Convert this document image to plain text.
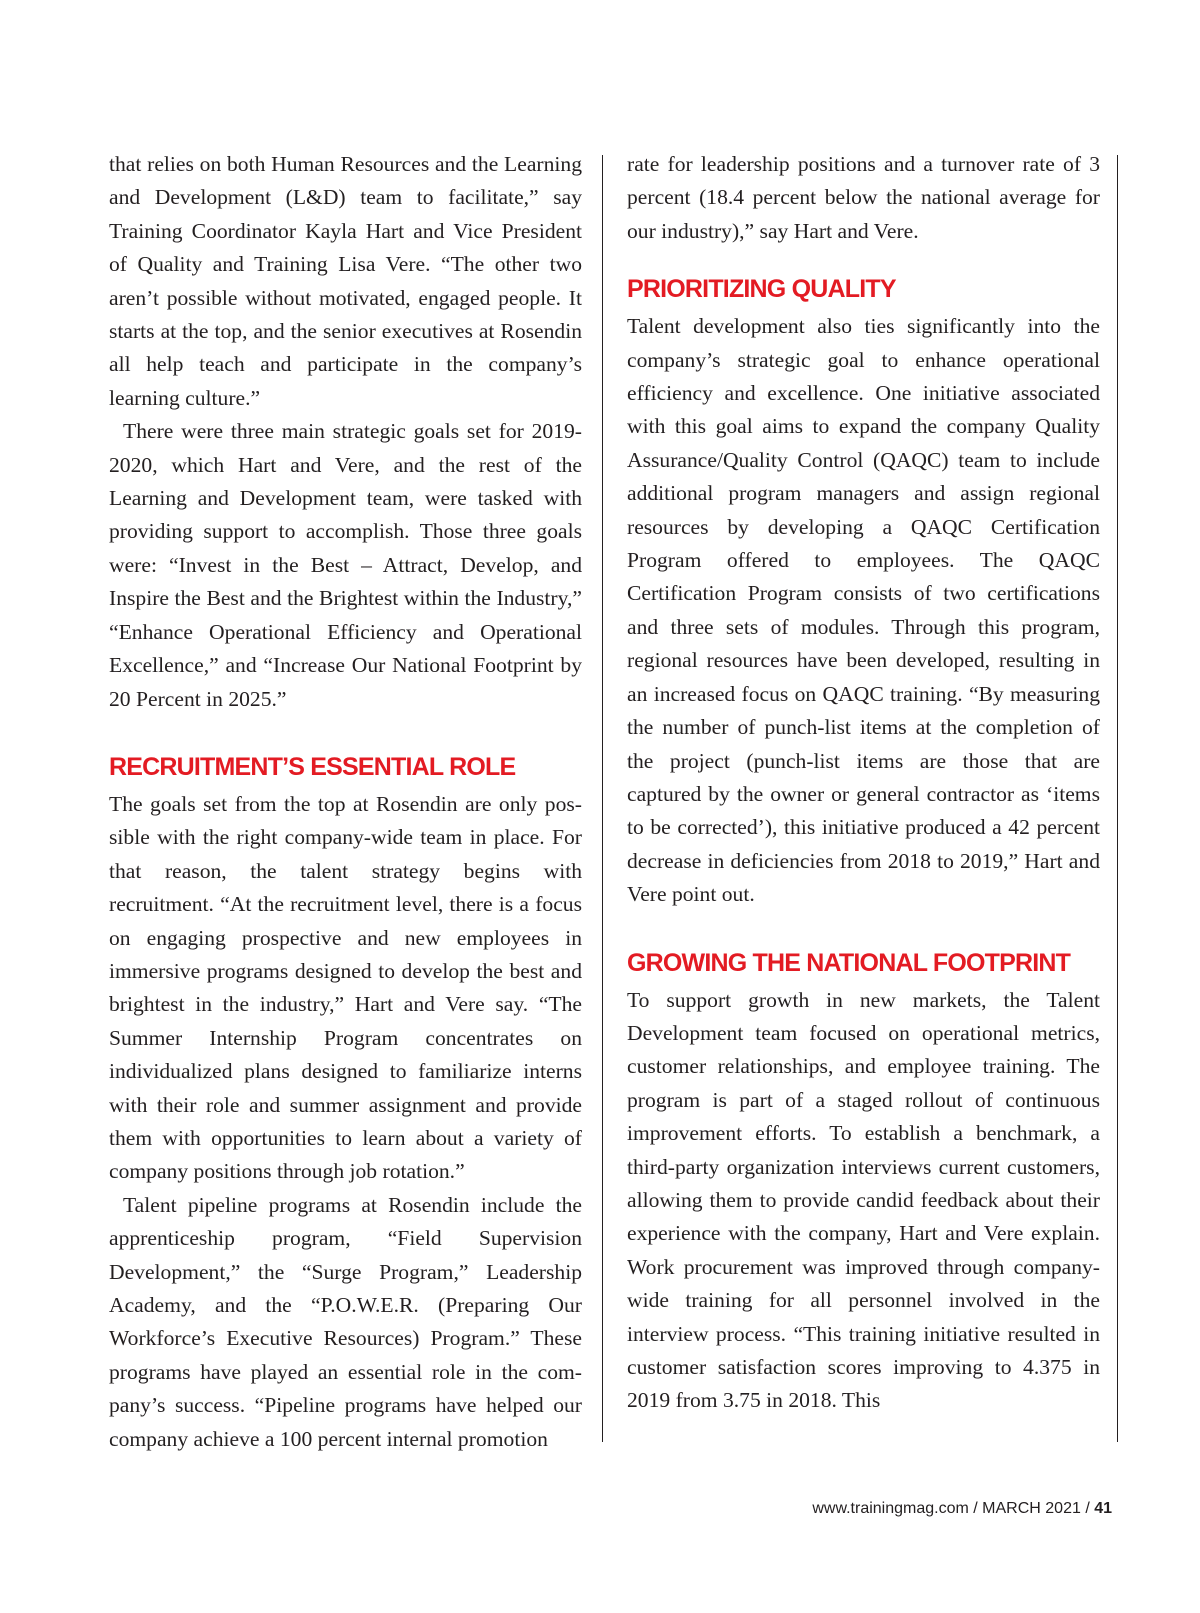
that relies on both Human Resources and the Learning and Development (L&D) team to facilitate,” say Training Coordinator Kayla Hart and Vice President of Quality and Training Lisa Vere. “The other two aren’t possible without motivated, engaged people. It starts at the top, and the senior executives at Rosendin all help teach and participate in the company’s learning culture.”

There were three main strategic goals set for 2019-2020, which Hart and Vere, and the rest of the Learning and Development team, were tasked with providing support to accomplish. Those three goals were: “Invest in the Best – Attract, Develop, and Inspire the Best and the Brightest within the Industry,” “Enhance Operational Efficiency and Operational Excellence,” and “Increase Our National Footprint by 20 Percent in 2025.”

RECRUITMENT’S ESSENTIAL ROLE

The goals set from the top at Rosendin are only possible with the right company-wide team in place. For that reason, the talent strategy begins with recruitment. “At the recruitment level, there is a focus on engaging prospective and new employees in immersive programs designed to develop the best and brightest in the industry,” Hart and Vere say. “The Summer Internship Program concentrates on individualized plans designed to familiarize interns with their role and summer assignment and provide them with opportunities to learn about a variety of company positions through job rotation.”

Talent pipeline programs at Rosendin include the apprenticeship program, “Field Supervision Development,” the “Surge Program,” Leadership Academy, and the “P.O.W.E.R. (Preparing Our Workforce’s Executive Resources) Program.” These programs have played an essential role in the company’s success. “Pipeline programs have helped our company achieve a 100 percent internal promotion

rate for leadership positions and a turnover rate of 3 percent (18.4 percent below the national average for our industry),” say Hart and Vere.

PRIORITIZING QUALITY

Talent development also ties significantly into the company’s strategic goal to enhance operational efficiency and excellence. One initiative associated with this goal aims to expand the company Quality Assurance/Quality Control (QAQC) team to include additional program managers and assign regional resources by developing a QAQC Certification Program offered to employees. The QAQC Certification Program consists of two certifications and three sets of modules. Through this program, regional resources have been developed, resulting in an increased focus on QAQC training. “By measuring the number of punch-list items at the completion of the project (punch-list items are those that are captured by the owner or general contractor as ‘items to be corrected’), this initiative produced a 42 percent decrease in deficiencies from 2018 to 2019,” Hart and Vere point out.

GROWING THE NATIONAL FOOTPRINT

To support growth in new markets, the Talent Development team focused on operational metrics, customer relationships, and employee training. The program is part of a staged rollout of continuous improvement efforts. To establish a benchmark, a third-party organization interviews current customers, allowing them to provide candid feedback about their experience with the company, Hart and Vere explain. Work procurement was improved through company-wide training for all personnel involved in the interview process. “This training initiative resulted in customer satisfaction scores improving to 4.375 in 2019 from 3.75 in 2018. This

www.trainingmag.com / MARCH 2021 / 41
